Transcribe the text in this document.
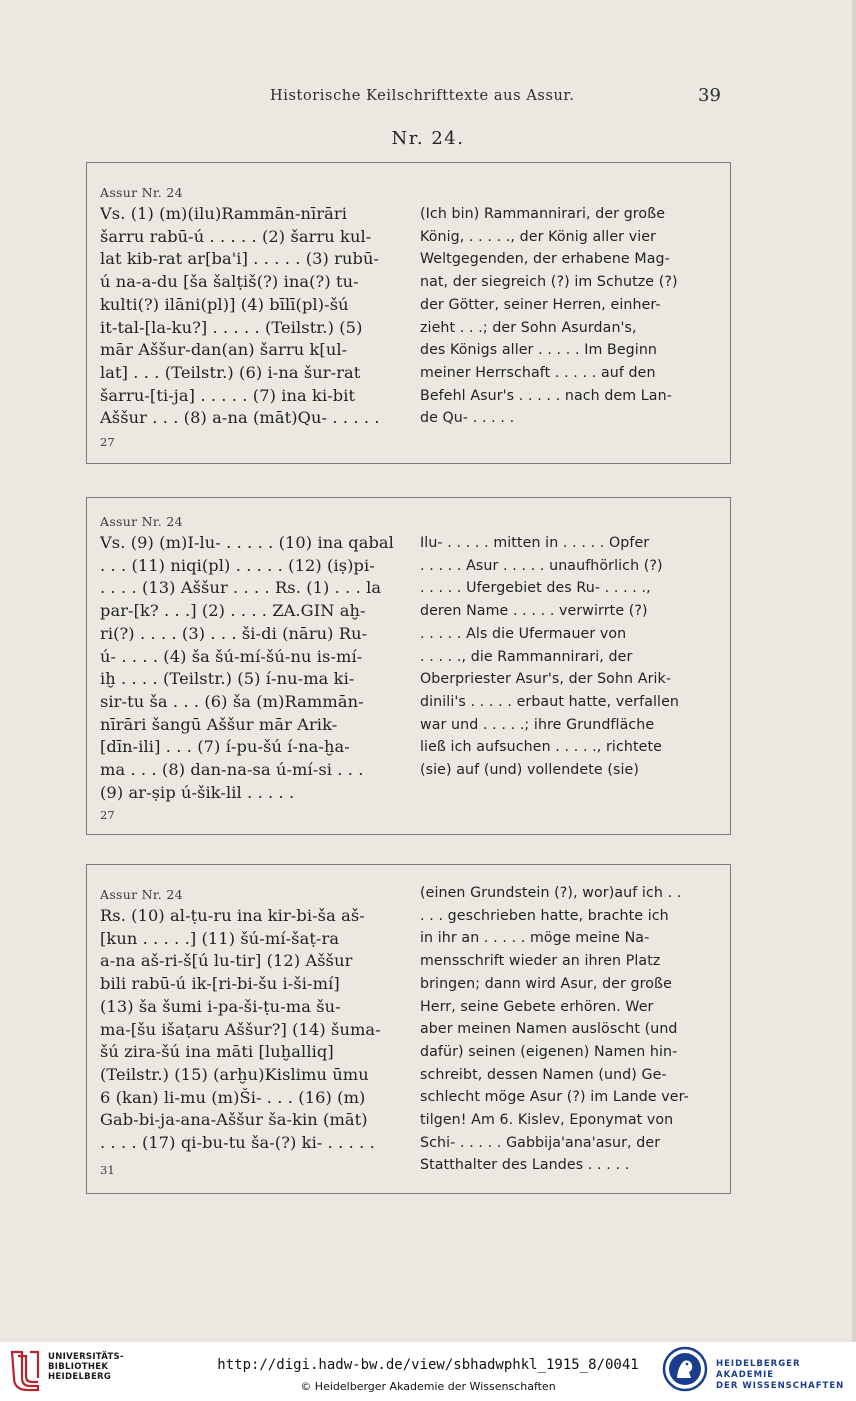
Historische Keilschrifttexte aus Assur.	39
Nr. 24.
Assur Nr. 24
Vs. (1) (m)(ilu)Rammān-nīrāri
šarru rabū-ú . . . . . (2) šarru kul-
lat kib-rat ar[ba'i] . . . . . (3) rubū-
ú na-a-du [ša šalṭiš(?) ina(?) tu-
kulti(?) ilāni(pl)] (4) bīlī(pl)-šú
it-tal-[la-ku?] . . . . . (Teilstr.) (5)
mār Aššur-dan(an) šarru k[ul-
lat] . . . (Teilstr.) (6) i-na šur-rat
šarru-[ti-ja] . . . . . (7) ina ki-bit
Aššur . . . (8) a-na (māt)Qu- . . . . .
(Ich bin) Rammannirari, der große
König, . . . . ., der König aller vier
Weltgegenden, der erhabene Mag-
nat, der siegreich (?) im Schutze (?)
der Götter, seiner Herren, einher-
zieht . . .; der Sohn Asurdan's,
des Königs aller . . . . . Im Beginn
meiner Herrschaft . . . . . auf den
Befehl Asur's . . . . . nach dem Lan-
de Qu- . . . . .
27
Assur Nr. 24
Vs. (9) (m)I-lu- . . . . . (10) ina qabal
. . . (11) niqi(pl) . . . . . (12) (iṣ)pi-
. . . . (13) Aššur . . . . Rs. (1) . . . la
par-[k? . . .] (2) . . . . ZA.GIN aḫ-
ri(?) . . . . (3) . . . ši-di (nāru) Ru-
ú- . . . . (4) ša šú-mí-šú-nu is-mí-
iḫ . . . . (Teilstr.) (5) í-nu-ma ki-
sir-tu ša . . . (6) ša (m)Rammān-
nīrāri šangū Aššur mār Arik-
[dīn-ili] . . . (7) í-pu-šú í-na-ḫa-
ma . . . (8) dan-na-sa ú-mí-si . . .
(9) ar-ṣip ú-šik-lil . . . . .
Ilu- . . . . . mitten in . . . . . Opfer
. . . . . Asur . . . . . unaufhörlich (?)
. . . . . Ufergebiet des Ru- . . . . .,
deren Name . . . . . verwirrte (?)
. . . . . Als die Ufermauer von
. . . . ., die Rammannirari, der
Oberpriester Asur's, der Sohn Arik-
dinili's . . . . . erbaut hatte, verfallen
war und . . . . .; ihre Grundfläche
ließ ich aufsuchen . . . . ., richtete
(sie) auf (und) vollendete (sie)
27
Assur Nr. 24
Rs. (10) al-ṭu-ru ina kir-bi-ša aš-
[kun . . . . .] (11) šú-mí-šaṭ-ra
a-na aš-ri-š[ú lu-tir] (12) Aššur
bili rabū-ú ik-[ri-bi-šu i-ši-mí]
(13) ša šumi i-pa-ši-ṭu-ma šu-
ma-[šu išaṭaru Aššur?] (14) šuma-
šú zira-šú ina māti [luḫalliq]
(Teilstr.) (15) (arḫu)Kislimu ūmu
6 (kan) li-mu (m)Ši- . . . (16) (m)
Gab-bi-ja-ana-Aššur ša-kin (māt)
. . . . (17) qi-bu-tu ša-(?) ki- . . . . .
(einen Grundstein (?), wor)auf ich . .
. . . geschrieben hatte, brachte ich
in ihr an . . . . . möge meine Na-
mensschrift wieder an ihren Platz
bringen; dann wird Asur, der große
Herr, seine Gebete erhören. Wer
aber meinen Namen auslöscht (und
dafür) seinen (eigenen) Namen hin-
schreibt, dessen Namen (und) Ge-
schlecht möge Asur (?) im Lande ver-
tilgen! Am 6. Kislev, Eponymat von
Schi- . . . . . Gabbija'ana'asur, der
Statthalter des Landes . . . . .
31
UNIVERSITÄTS-
BIBLIOTHEK
HEIDELBERG
http://digi.hadw-bw.de/view/sbhadwphkl_1915_8/0041
© Heidelberger Akademie der Wissenschaften
HEIDELBERGER AKADEMIE
DER WISSENSCHAFTEN
